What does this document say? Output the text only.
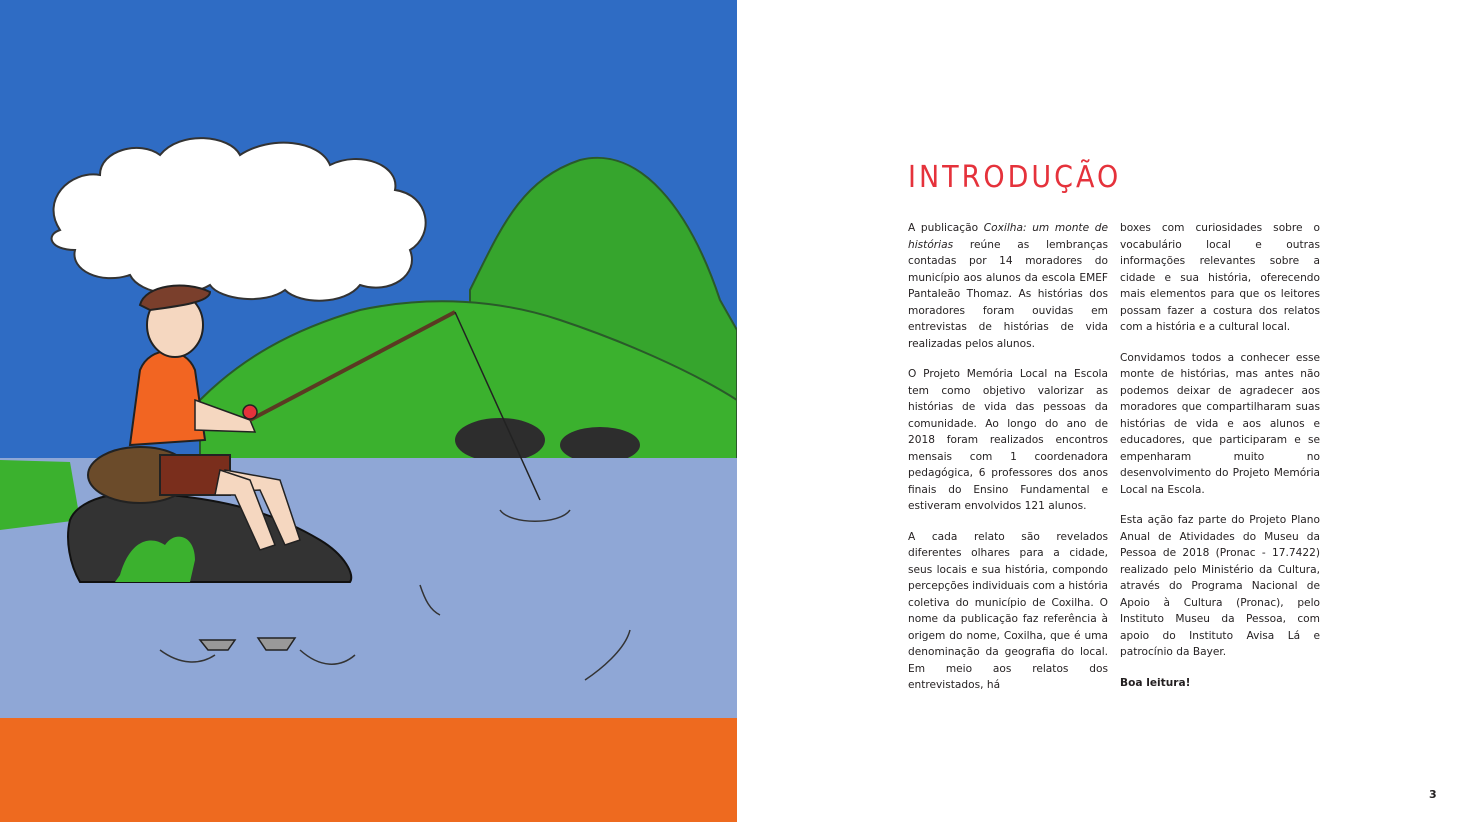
INTRODUÇÃO

A publicação Coxilha: um monte de histórias reúne as lembranças contadas por 14 moradores do município aos alunos da escola EMEF Pantaleão Thomaz. As histórias dos moradores foram ouvidas em entrevistas de histórias de vida realizadas pelos alunos.

O Projeto Memória Local na Escola tem como objetivo valorizar as histórias de vida das pessoas da comunidade. Ao longo do ano de 2018 foram realizados encontros mensais com 1 coordenadora pedagógica, 6 professores dos anos finais do Ensino Fundamental e estiveram envolvidos 121 alunos.

A cada relato são revelados diferentes olhares para a cidade, seus locais e sua história, compondo percepções individuais com a história coletiva do município de Coxilha. O nome da publicação faz referência à origem do nome, Coxilha, que é uma denominação da geografia do local. Em meio aos relatos dos entrevistados, há

boxes com curiosidades sobre o vocabulário local e outras informações relevantes sobre a cidade e sua história, oferecendo mais elementos para que os leitores possam fazer a costura dos relatos com a história e a cultural local.

Convidamos todos a conhecer esse monte de histórias, mas antes não podemos deixar de agradecer aos moradores que compartilharam suas histórias de vida e aos alunos e educadores, que participaram e se empenharam muito no desenvolvimento do Projeto Memória Local na Escola.

Esta ação faz parte do Projeto Plano Anual de Atividades do Museu da Pessoa de 2018 (Pronac - 17.7422) realizado pelo Ministério da Cultura, através do Programa Nacional de Apoio à Cultura (Pronac), pelo Instituto Museu da Pessoa, com apoio do Instituto Avisa Lá e patrocínio da Bayer.

Boa leitura!

3
